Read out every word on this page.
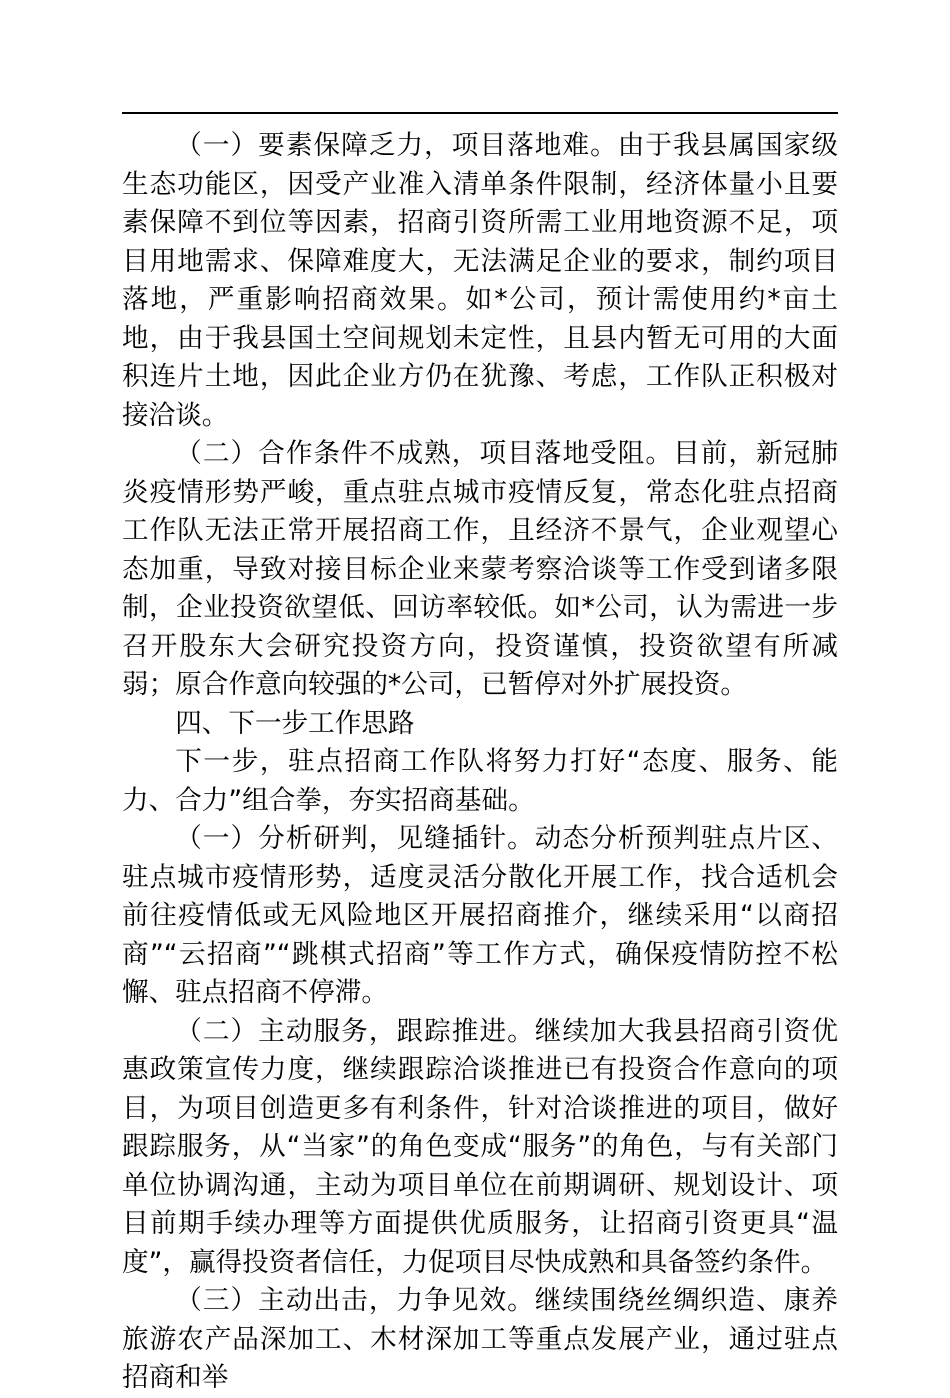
（一）要素保障乏力，项目落地难。由于我县属国家级生态功能区，因受产业准入清单条件限制，经济体量小且要素保障不到位等因素，招商引资所需工业用地资源不足，项目用地需求、保障难度大，无法满足企业的要求，制约项目落地，严重影响招商效果。如*公司，预计需使用约*亩土地，由于我县国土空间规划未定性，且县内暂无可用的大面积连片土地，因此企业方仍在犹豫、考虑，工作队正积极对接洽谈。

（二）合作条件不成熟，项目落地受阻。目前，新冠肺炎疫情形势严峻，重点驻点城市疫情反复，常态化驻点招商工作队无法正常开展招商工作，且经济不景气，企业观望心态加重，导致对接目标企业来蒙考察洽谈等工作受到诸多限制，企业投资欲望低、回访率较低。如*公司，认为需进一步召开股东大会研究投资方向，投资谨慎，投资欲望有所减弱；原合作意向较强的*公司，已暂停对外扩展投资。

四、下一步工作思路

下一步，驻点招商工作队将努力打好“态度、服务、能力、合力”组合拳，夯实招商基础。

（一）分析研判，见缝插针。动态分析预判驻点片区、驻点城市疫情形势，适度灵活分散化开展工作，找合适机会前往疫情低或无风险地区开展招商推介，继续采用“以商招商”“云招商”“跳棋式招商”等工作方式，确保疫情防控不松懈、驻点招商不停滞。

（二）主动服务，跟踪推进。继续加大我县招商引资优惠政策宣传力度，继续跟踪洽谈推进已有投资合作意向的项目，为项目创造更多有利条件，针对洽谈推进的项目，做好跟踪服务，从“当家”的角色变成“服务”的角色，与有关部门单位协调沟通，主动为项目单位在前期调研、规划设计、项目前期手续办理等方面提供优质服务，让招商引资更具“温度”，赢得投资者信任，力促项目尽快成熟和具备签约条件。

（三）主动出击，力争见效。继续围绕丝绸织造、康养旅游农产品深加工、木材深加工等重点发展产业，通过驻点招商和举
